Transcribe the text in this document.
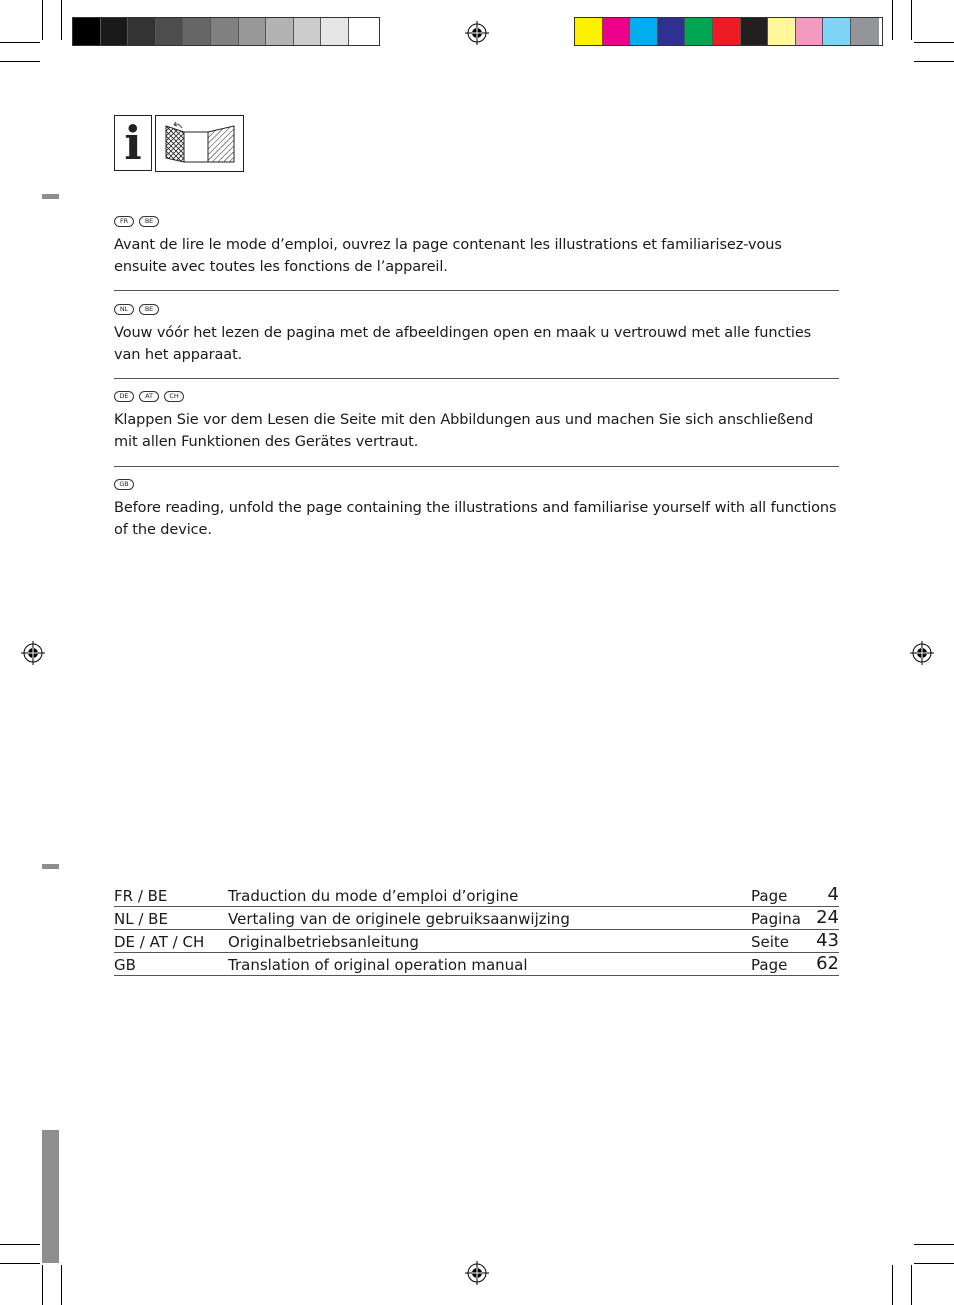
i
FR	BE
Avant de lire le mode d’emploi, ouvrez la page contenant les illustrations et familiarisez-vous ensuite avec toutes les fonctions de l’appareil.
NL	BE
Vouw vóór het lezen de pagina met de afbeeldingen open en maak u vertrouwd met alle functies van het apparaat.
DE	AT	CH
Klappen Sie vor dem Lesen die Seite mit den Abbildungen aus und machen Sie sich anschließend mit allen Funktionen des Gerätes vertraut.
GB
Before reading, unfold the page containing the illustrations and familiarise yourself with all functions of the device.
FR / BE	Traduction du mode d’emploi d’origine	Page	4
NL / BE	Vertaling van de originele gebruiksaanwijzing	Pagina 24
DE / AT / CH	Originalbetriebsanleitung	Seite	43
GB	Translation of original operation manual	Page	62
